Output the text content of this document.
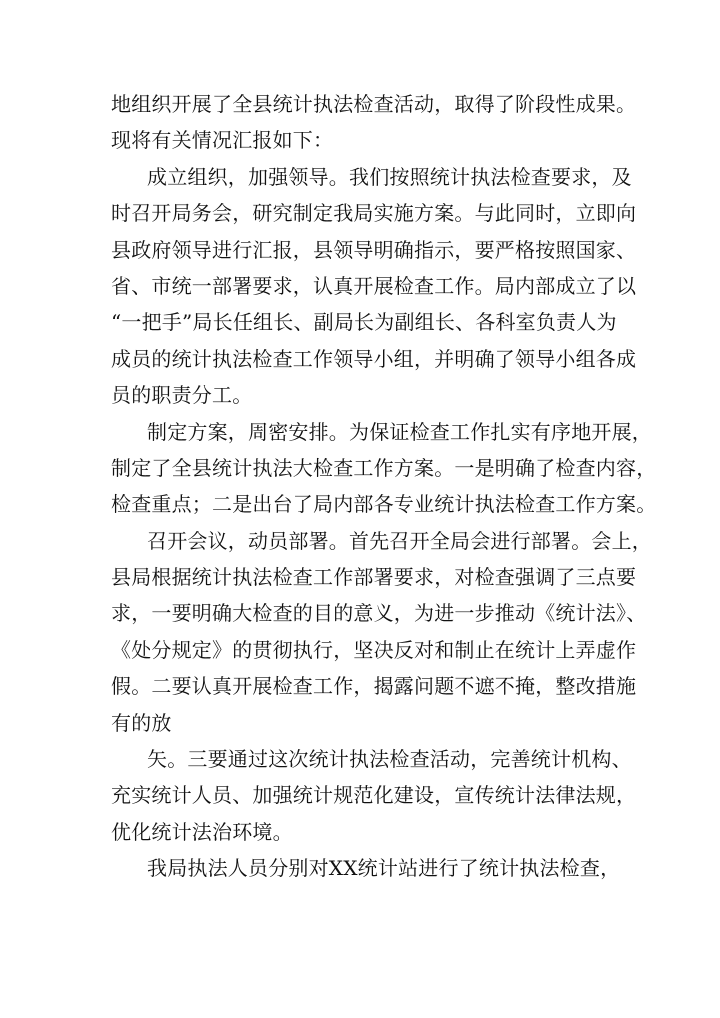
地组织开展了全县统计执法检查活动，取得了阶段性成果。
现将有关情况汇报如下：
成立组织，加强领导。我们按照统计执法检查要求，及
时召开局务会，研究制定我局实施方案。与此同时，立即向
县政府领导进行汇报，县领导明确指示，要严格按照国家、
省、市统一部署要求，认真开展检查工作。局内部成立了以
“一把手”局长任组长、副局长为副组长、各科室负责人为
成员的统计执法检查工作领导小组，并明确了领导小组各成
员的职责分工。
制定方案，周密安排。为保证检查工作扎实有序地开展，
制定了全县统计执法大检查工作方案。一是明确了检查内容，
检查重点；二是出台了局内部各专业统计执法检查工作方案。
召开会议，动员部署。首先召开全局会进行部署。会上，
县局根据统计执法检查工作部署要求，对检查强调了三点要
求，一要明确大检查的目的意义，为进一步推动《统计法》、
《处分规定》的贯彻执行，坚决反对和制止在统计上弄虚作
假。二要认真开展检查工作，揭露问题不遮不掩，整改措施
有的放
矢。三要通过这次统计执法检查活动，完善统计机构、
充实统计人员、加强统计规范化建设，宣传统计法律法规，
优化统计法治环境。
我局执法人员分别对XX统计站进行了统计执法检查，
